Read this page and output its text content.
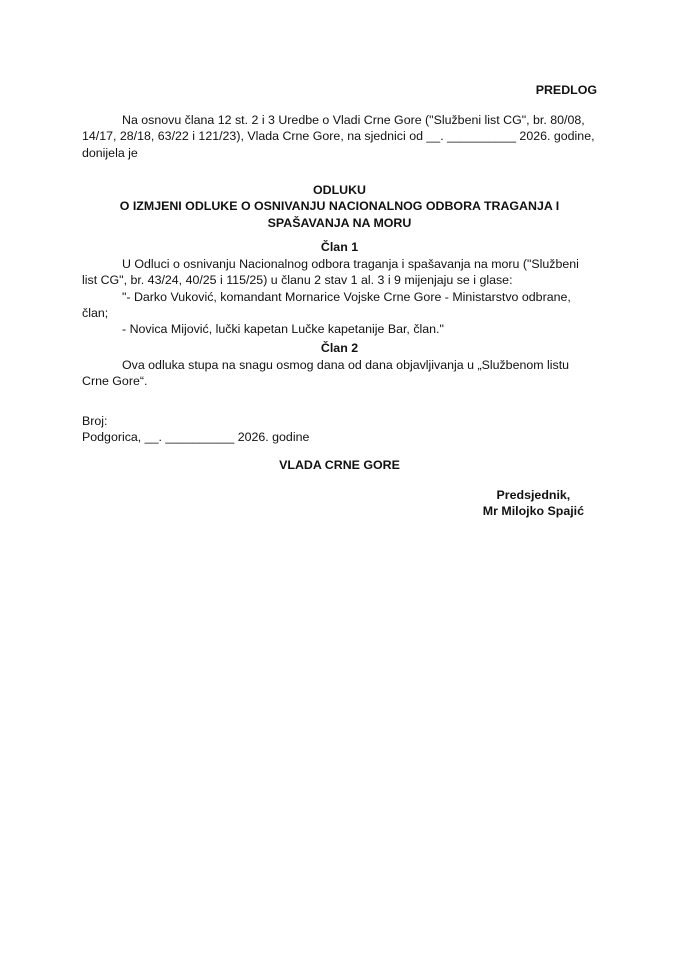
PREDLOG
Na osnovu člana 12 st. 2 i 3 Uredbe o Vladi Crne Gore ("Službeni list CG", br. 80/08, 14/17, 28/18, 63/22 i 121/23), Vlada Crne Gore, na sjednici od __. __________ 2026. godine, donijela je
ODLUKU
O IZMJENI ODLUKE O OSNIVANJU NACIONALNOG ODBORA TRAGANJA I SPAŠAVANJA NA MORU
Član 1
U Odluci o osnivanju Nacionalnog odbora traganja i spašavanja na moru ("Službeni list CG", br. 43/24, 40/25 i 115/25) u članu 2 stav 1 al. 3 i 9 mijenjaju se i glase:
"- Darko Vuković, komandant Mornarice Vojske Crne Gore - Ministarstvo odbrane, član;
- Novica Mijović, lučki kapetan Lučke kapetanije Bar, član."
Član 2
Ova odluka stupa na snagu osmog dana od dana objavljivanja u „Službenom listu Crne Gore“.
Broj:
Podgorica, __. __________ 2026. godine
VLADA CRNE GORE
Predsjednik,
Mr Milojko Spajić
